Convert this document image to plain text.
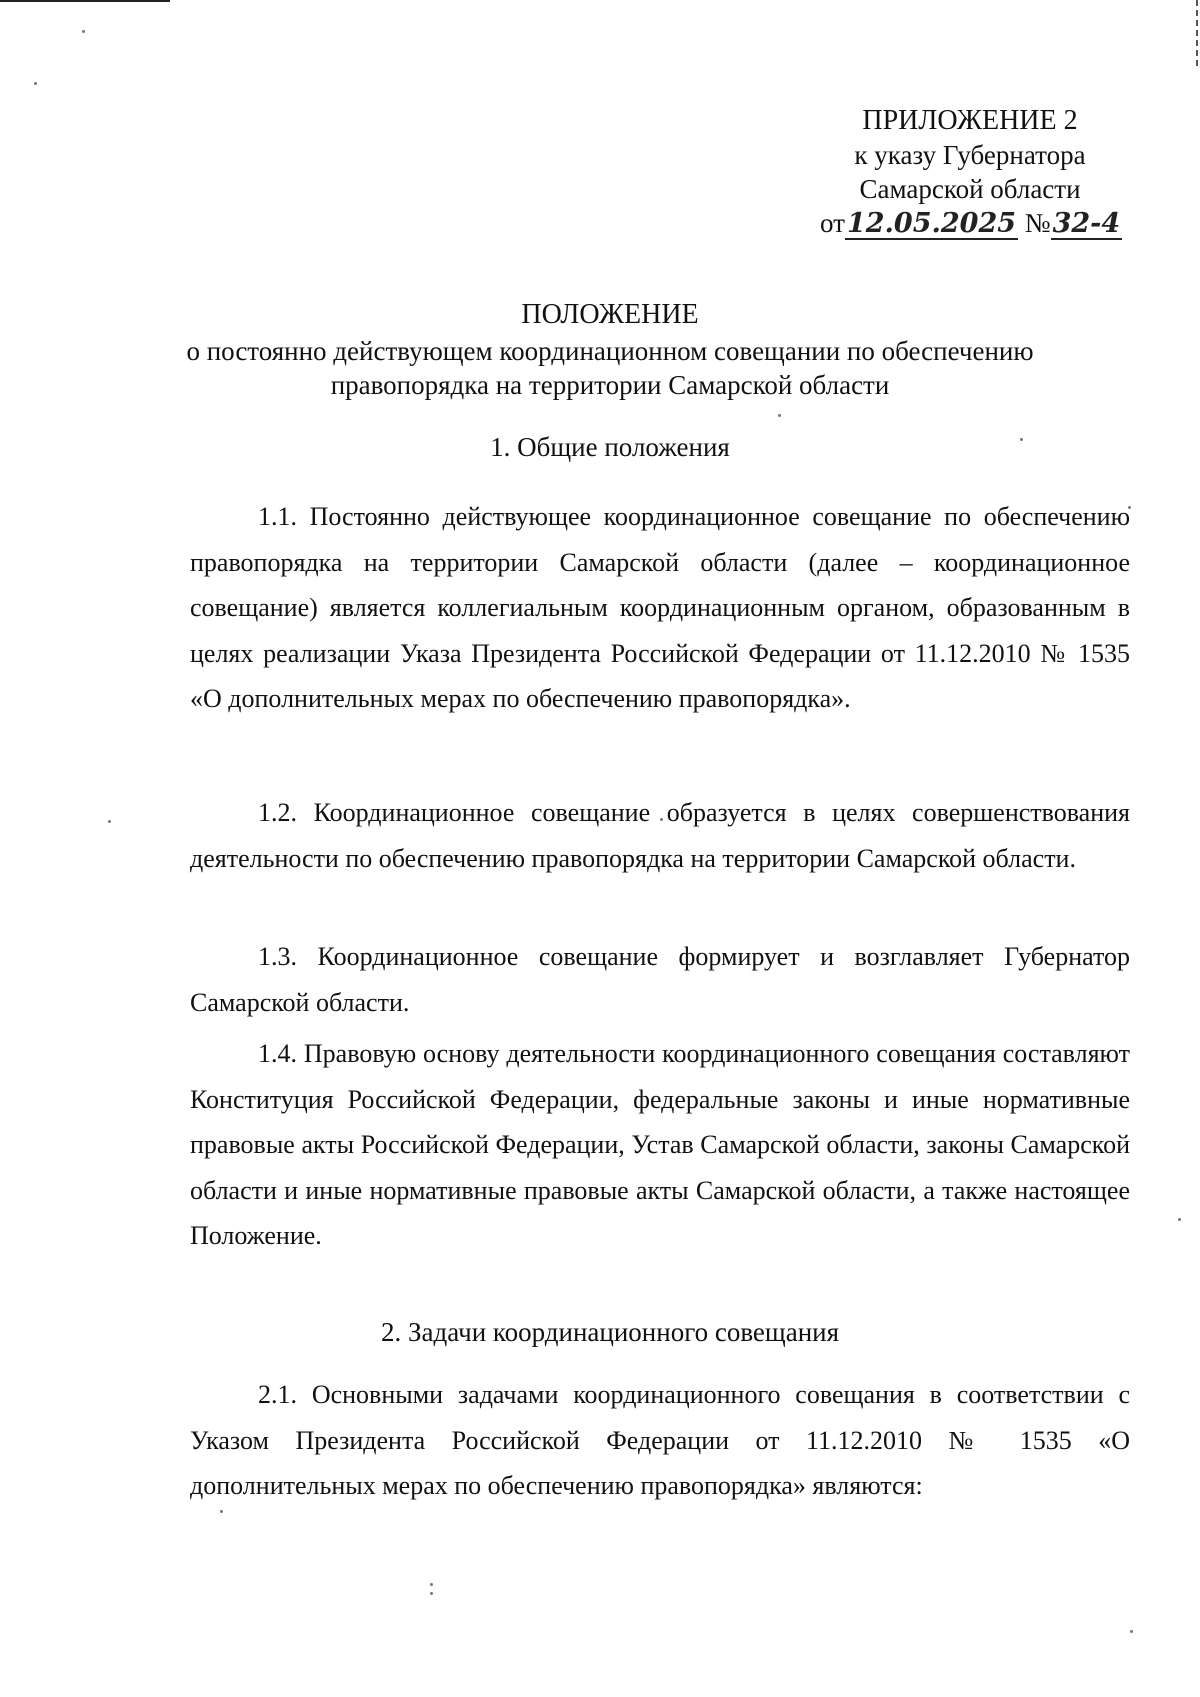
ПРИЛОЖЕНИЕ 2
к указу Губернатора
Самарской области
от12.05.2025 №32-4
ПОЛОЖЕНИЕ
о постоянно действующем координационном совещании по обеспечению
правопорядка на территории Самарской области
1. Общие положения

1.1. Постоянно действующее координационное совещание по обеспечению правопорядка на территории Самарской области (далее – координационное совещание) является коллегиальным координационным органом, образованным в целях реализации Указа Президента Российской Федерации от 11.12.2010 № 1535 «О дополнительных мерах по обеспечению правопорядка».

1.2. Координационное совещание образуется в целях совершенствования деятельности по обеспечению правопорядка на территории Самарской области.

1.3. Координационное совещание формирует и возглавляет Губернатор Самарской области.

1.4. Правовую основу деятельности координационного совещания составляют Конституция Российской Федерации, федеральные законы и иные нормативные правовые акты Российской Федерации, Устав Самарской области, законы Самарской области и иные нормативные правовые акты Самарской области, а также настоящее Положение.

2. Задачи координационного совещания

2.1. Основными задачами координационного совещания в соответствии с Указом Президента Российской Федерации от 11.12.2010 № 1535 «О дополнительных мерах по обеспечению правопорядка» являются:
